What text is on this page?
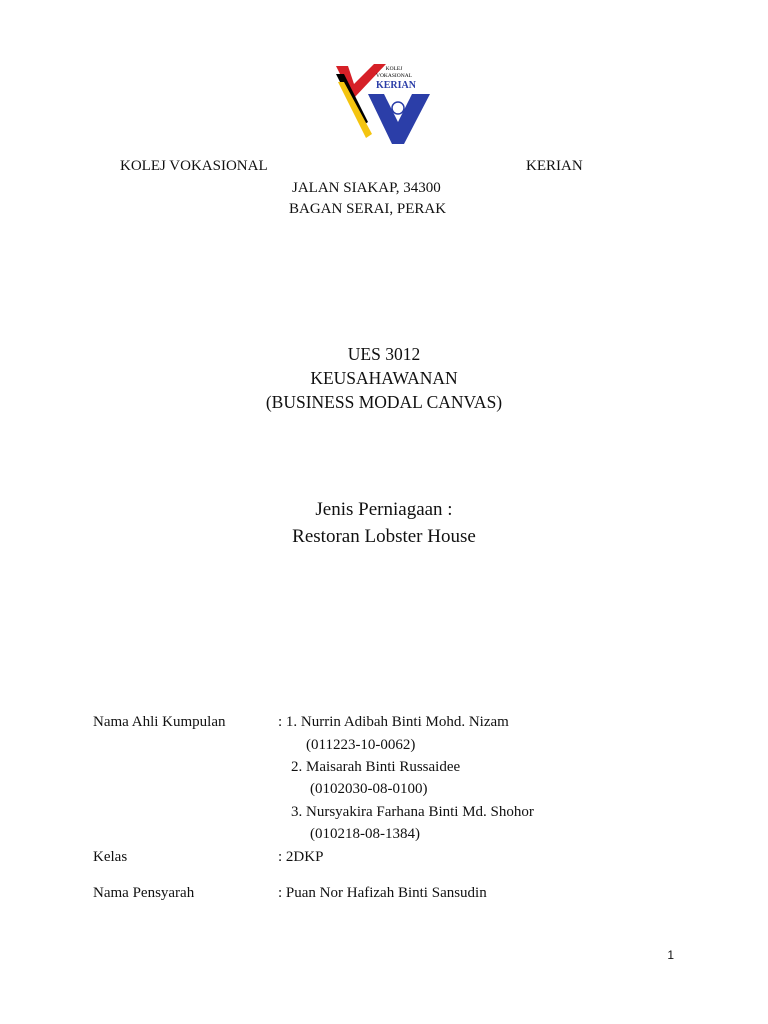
KOLEJ
VOKASIONAL
KERIAN
KOLEJ VOKASIONAL	KERIAN
JALAN SIAKAP, 34300
BAGAN SERAI, PERAK
UES 3012
KEUSAHAWANAN
(BUSINESS MODAL CANVAS)
Jenis Perniagaan :
Restoran Lobster House
Nama Ahli Kumpulan	: 1. Nurrin Adibah Binti Mohd. Nizam
(011223-10-0062)
2. Maisarah Binti Russaidee
(0102030-08-0100)
3. Nursyakira Farhana Binti Md. Shohor
(010218-08-1384)
Kelas	: 2DKP
Nama Pensyarah	: Puan Nor Hafizah Binti Sansudin
1
